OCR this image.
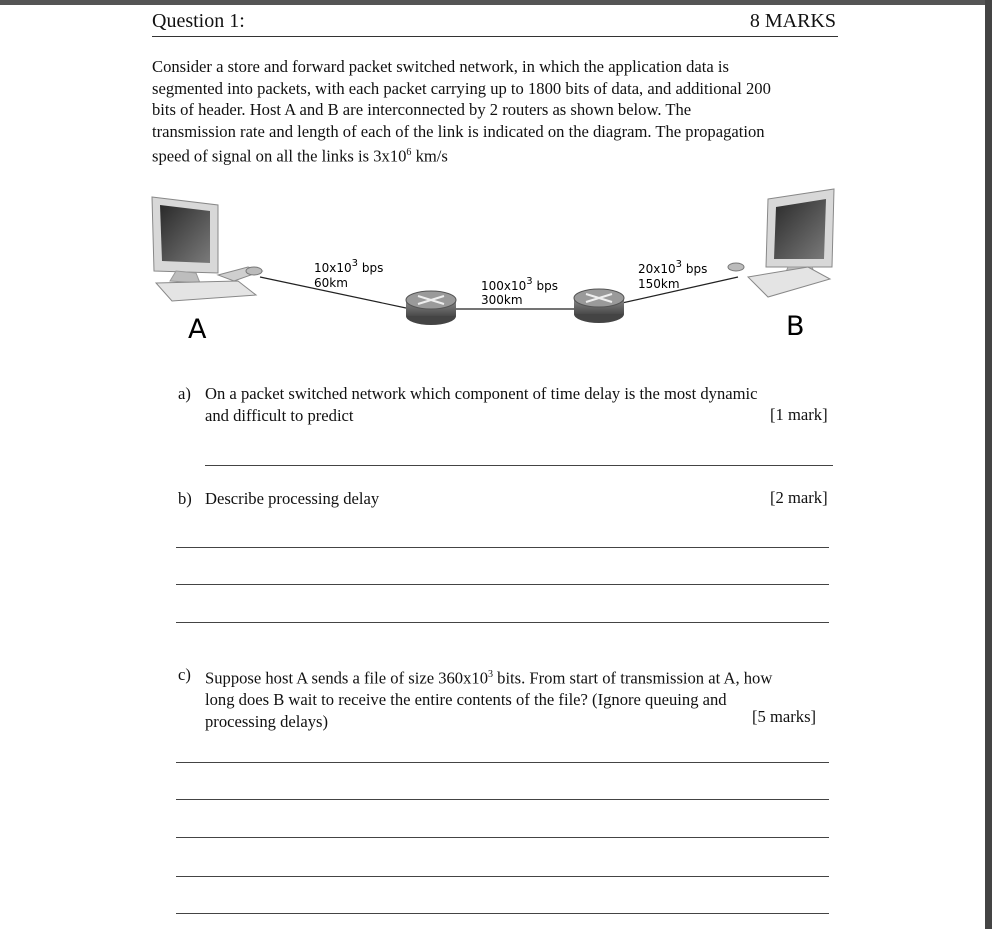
Question 1:	8 MARKS
Consider a store and forward packet switched network, in which the application data is
segmented into packets, with each packet carrying up to 1800 bits of data, and additional 200
bits of header. Host A and B are interconnected by 2 routers as shown below. The
transmission rate and length of each of the link is indicated on the diagram. The propagation
speed of signal on all the links is $3x10^6$ km/s
A	B
$10x10^3$ bps
60km	$100x10^3$ bps
300km
$20x10^3$ bps
150km
a) On a packet switched network which component of time delay is the most dynamic
and difficult to predict	[1 mark]
b) Describe processing delay	[2 mark]
c) Suppose host A sends a file of size $360x10^3$ bits. From start of transmission at A, how
long does B wait to receive the entire contents of the file? (Ignore queuing and
processing delays)	[5 marks]
